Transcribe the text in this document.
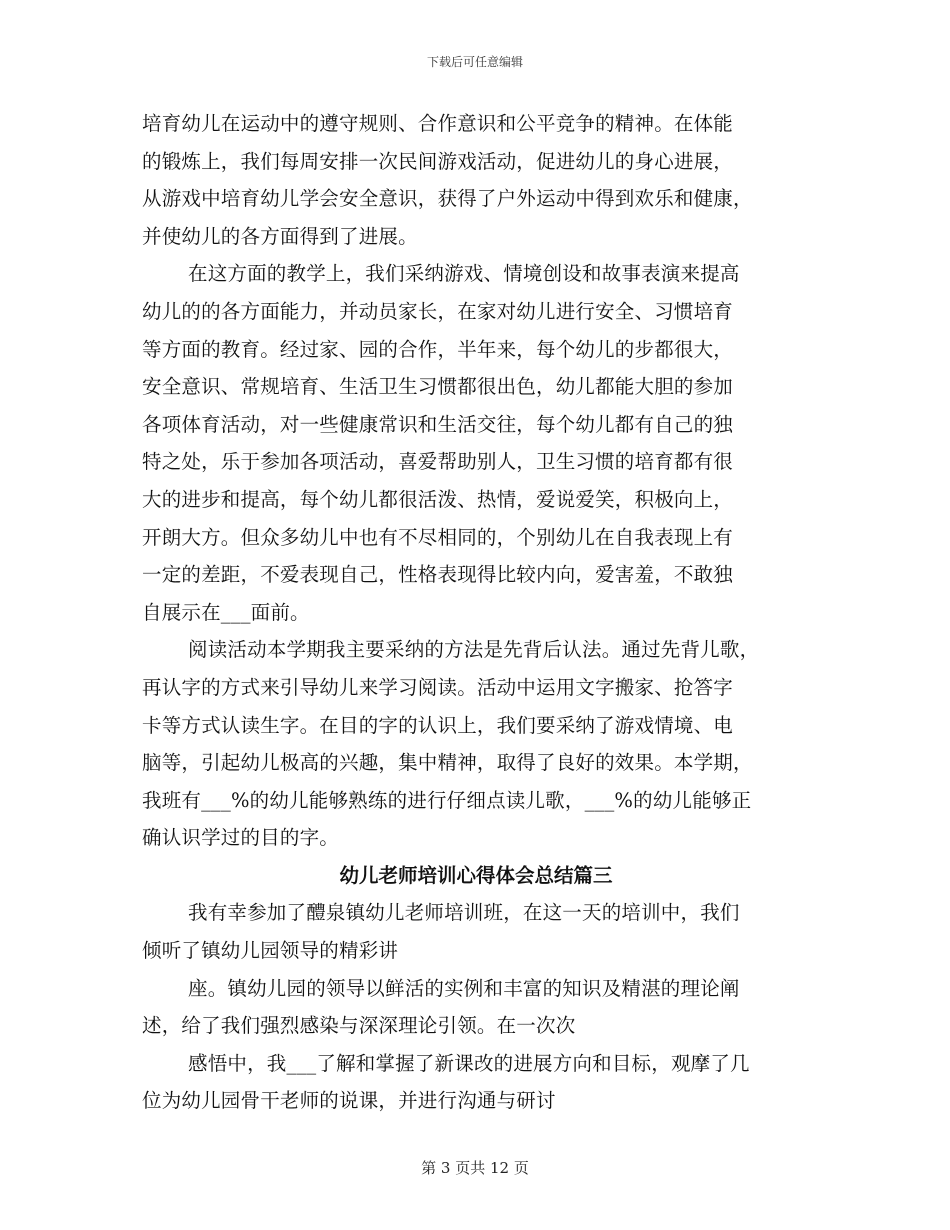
下载后可任意编辑
培育幼儿在运动中的遵守规则、合作意识和公平竞争的精神。在体能
的锻炼上，我们每周安排一次民间游戏活动，促进幼儿的身心进展，
从游戏中培育幼儿学会安全意识，获得了户外运动中得到欢乐和健康，
并使幼儿的各方面得到了进展。
在这方面的教学上，我们采纳游戏、情境创设和故事表演来提高
幼儿的的各方面能力，并动员家长，在家对幼儿进行安全、习惯培育
等方面的教育。经过家、园的合作，半年来，每个幼儿的步都很大，
安全意识、常规培育、生活卫生习惯都很出色，幼儿都能大胆的参加
各项体育活动，对一些健康常识和生活交往，每个幼儿都有自己的独
特之处，乐于参加各项活动，喜爱帮助别人，卫生习惯的培育都有很
大的进步和提高，每个幼儿都很活泼、热情，爱说爱笑，积极向上，
开朗大方。但众多幼儿中也有不尽相同的，个别幼儿在自我表现上有
一定的差距，不爱表现自己，性格表现得比较内向，爱害羞，不敢独
自展示在___面前。
阅读活动本学期我主要采纳的方法是先背后认法。通过先背儿歌，
再认字的方式来引导幼儿来学习阅读。活动中运用文字搬家、抢答字
卡等方式认读生字。在目的字的认识上，我们要采纳了游戏情境、电
脑等，引起幼儿极高的兴趣，集中精神，取得了良好的效果。本学期，
我班有___%的幼儿能够熟练的进行仔细点读儿歌，___%的幼儿能够正
确认识学过的目的字。
幼儿老师培训心得体会总结篇三
我有幸参加了醴泉镇幼儿老师培训班，在这一天的培训中，我们
倾听了镇幼儿园领导的精彩讲
座。镇幼儿园的领导以鲜活的实例和丰富的知识及精湛的理论阐
述，给了我们强烈感染与深深理论引领。在一次次
感悟中，我___了解和掌握了新课改的进展方向和目标，观摩了几
位为幼儿园骨干老师的说课，并进行沟通与研讨
第 3 页共 12 页
